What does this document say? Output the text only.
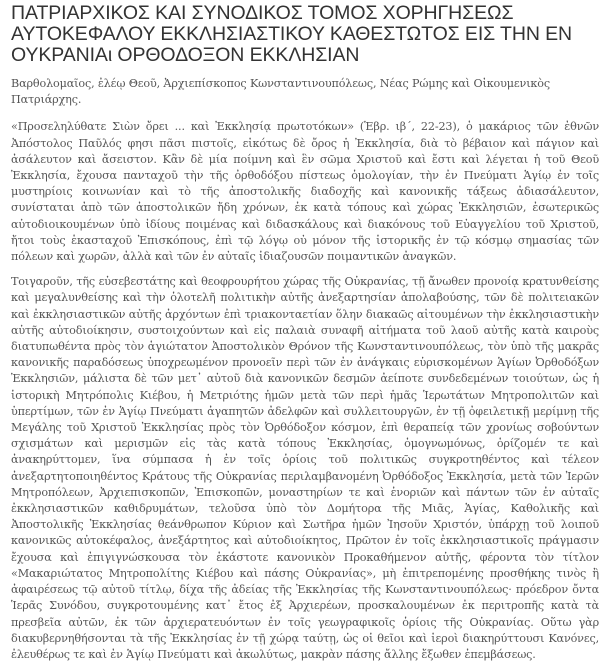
ΠΑΤΡΙΑΡΧΙΚΟΣ ΚΑΙ ΣΥΝΟΔΙΚΟΣ ΤΟΜΟΣ ΧΟΡΗΓΗΣΕΩΣ ΑΥΤΟΚΕΦΑΛΟΥ ΕΚΚΛΗΣΙΑΣΤΙΚΟΥ ΚΑΘΕΣΤΩΤΟΣ ΕΙΣ ΤΗΝ ΕΝ ΟΥΚΡΑΝΙΑι ΟΡΘΟΔΟΞΟΝ ΕΚΚΛΗΣΙΑΝ

Βαρθολομαῖος, ἐλέῳ Θεοῦ, Ἀρχιεπίσκοπος Κωνσταντινουπόλεως, Νέας Ρώμης καὶ Οἰκουμενικὸς Πατριάρχης.

«Προσεληλύθατε Σιὼν ὄρει ... καὶ Ἐκκλησίᾳ πρωτοτόκων» (Ἑβρ. ιβ΄, 22-23), ὁ μακάριος τῶν ἐθνῶν Ἀπόστολος Παῦλός φησι πᾶσι πιστοῖς, εἰκότως δὲ ὄρος ἡ Ἐκκλησία, διὰ τὸ βέβαιον καὶ πάγιον καὶ ἀσάλευτον καὶ ἄσειστον. Κἂν δὲ μία ποίμνη καὶ ἓν σῶμα Χριστοῦ καὶ ἔστι καὶ λέγεται ἡ τοῦ Θεοῦ Ἐκκλησία, ἔχουσα πανταχοῦ τὴν τῆς ὀρθοδόξου πίστεως ὁμολογίαν, τὴν ἐν Πνεύματι Ἁγίῳ ἐν τοῖς μυστηρίοις κοινωνίαν καὶ τὸ τῆς ἀποστολικῆς διαδοχῆς καὶ κανονικῆς τάξεως ἀδιασάλευτον, συνίσταται ἀπὸ τῶν ἀποστολικῶν ἤδη χρόνων, ἐκ κατὰ τόπους καὶ χώρας Ἐκκλησιῶν, ἐσωτερικῶς αὐτοδιοικουμένων ὑπὸ ἰδίους ποιμένας καὶ διδασκάλους καὶ διακόνους τοῦ Εὐαγγελίου τοῦ Χριστοῦ, ἤτοι τοὺς ἑκασταχοῦ Ἐπισκόπους, ἐπὶ τῷ λόγῳ οὐ μόνον τῆς ἱστορικῆς ἐν τῷ κόσμῳ σημασίας τῶν πόλεων καὶ χωρῶν, ἀλλὰ καὶ τῶν ἐν αὐταῖς ἰδιαζουσῶν ποιμαντικῶν ἀναγκῶν.

Τοιγαροῦν, τῆς εὐσεβεστάτης καὶ θεοφρουρήτου χώρας τῆς Οὐκρανίας, τῇ ἄνωθεν προνοίᾳ κρατυνθείσης καὶ μεγαλυνθείσης καὶ τὴν ὁλοτελῆ πολιτικὴν αὐτῆς ἀνεξαρτησίαν ἀπολαβούσης, τῶν δὲ πολιτειακῶν καὶ ἐκκλησιαστικῶν αὐτῆς ἀρχόντων ἐπὶ τριακονταετίαν ὅλην διακαῶς αἰτουμένων τὴν ἐκκλησιαστικὴν αὐτῆς αὐτοδιοίκησιν, συστοιχούντων καὶ εἰς παλαιὰ συναφῆ αἰτήματα τοῦ λαοῦ αὐτῆς κατὰ καιροὺς διατυπωθέντα πρὸς τὸν ἁγιώτατον Ἀποστολικὸν Θρόνον τῆς Κωνσταντινουπόλεως, τὸν ὑπὸ τῆς μακρᾶς κανονικῆς παραδόσεως ὑποχρεωμένον προνοεῖν περὶ τῶν ἐν ἀνάγκαις εὑρισκομένων Ἁγίων Ὀρθοδόξων Ἐκκλησιῶν, μάλιστα δὲ τῶν μετ᾿ αὐτοῦ διὰ κανονικῶν δεσμῶν ἀείποτε συνδεδεμένων τοιούτων, ὡς ἡ ἱστορικὴ Μητρόπολις Κιέβου, ἡ Μετριότης ἡμῶν μετὰ τῶν περὶ ἡμᾶς Ἱερωτάτων Μητροπολιτῶν καὶ ὑπερτίμων, τῶν ἐν Ἁγίῳ Πνεύματι ἀγαπητῶν ἀδελφῶν καὶ συλλειτουργῶν, ἐν τῇ ὀφειλετικῇ μερίμνῃ τῆς Μεγάλης τοῦ Χριστοῦ Ἐκκλησίας πρὸς τὸν Ὀρθόδοξον κόσμον, ἐπὶ θεραπείᾳ τῶν χρονίως σοβούντων σχισμάτων καὶ μερισμῶν εἰς τὰς κατὰ τόπους Ἐκκλησίας, ὁμογνωμόνως, ὁρίζομέν τε καὶ ἀνακηρύττομεν, ἵνα σύμπασα ἡ ἐν τοῖς ὁρίοις τοῦ πολιτικῶς συγκροτηθέντος καὶ τέλεον ἀνεξαρτητοποιηθέντος Κράτους τῆς Οὐκρανίας περιλαμβανομένη Ὀρθόδοξος Ἐκκλησία, μετὰ τῶν Ἱερῶν Μητροπόλεων, Ἀρχιεπισκοπῶν, Ἐπισκοπῶν, μοναστηρίων τε καὶ ἐνοριῶν καὶ πάντων τῶν ἐν αὐταῖς ἐκκλησιαστικῶν καθιδρυμάτων, τελοῦσα ὑπὸ τὸν Δομήτορα τῆς Μιᾶς, Ἁγίας, Καθολικῆς καὶ Ἀποστολικῆς Ἐκκλησίας θεάνθρωπον Κύριον καὶ Σωτῆρα ἡμῶν Ἰησοῦν Χριστόν, ὑπάρχῃ τοῦ λοιποῦ κανονικῶς αὐτοκέφαλος, ἀνεξάρτητος καὶ αὐτοδιοίκητος, Πρῶτον ἐν τοῖς ἐκκλησιαστικοῖς πράγμασιν ἔχουσα καὶ ἐπιγιγνώσκουσα τὸν ἑκάστοτε κανονικὸν Προκαθήμενον αὐτῆς, φέροντα τὸν τίτλον «Μακαριώτατος Μητροπολίτης Κιέβου καὶ πάσης Οὐκρανίας», μὴ ἐπιτρεπομένης προσθήκης τινὸς ἢ ἀφαιρέσεως τῷ αὐτοῦ τίτλῳ, δίχα τῆς ἀδείας τῆς Ἐκκλησίας τῆς Κωνσταντινουπόλεως· πρόεδρον ὄντα Ἱερᾶς Συνόδου, συγκροτουμένης κατ᾿ ἔτος ἐξ Ἀρχιερέων, προσκαλουμένων ἐκ περιτροπῆς κατὰ τὰ πρεσβεῖα αὐτῶν, ἐκ τῶν ἀρχιερατευόντων ἐν τοῖς γεωγραφικοῖς ὁρίοις τῆς Οὐκρανίας. Οὕτω γὰρ διακυβερνηθήσονται τὰ τῆς Ἐκκλησίας ἐν τῇ χώρᾳ ταύτῃ, ὡς οἱ θεῖοι καὶ ἱεροὶ διακηρύττουσι Κανόνες, ἐλευθέρως τε καὶ ἐν Ἁγίῳ Πνεύματι καὶ ἀκωλύτως, μακρὰν πάσης ἄλλης ἔξωθεν ἐπεμβάσεως.
